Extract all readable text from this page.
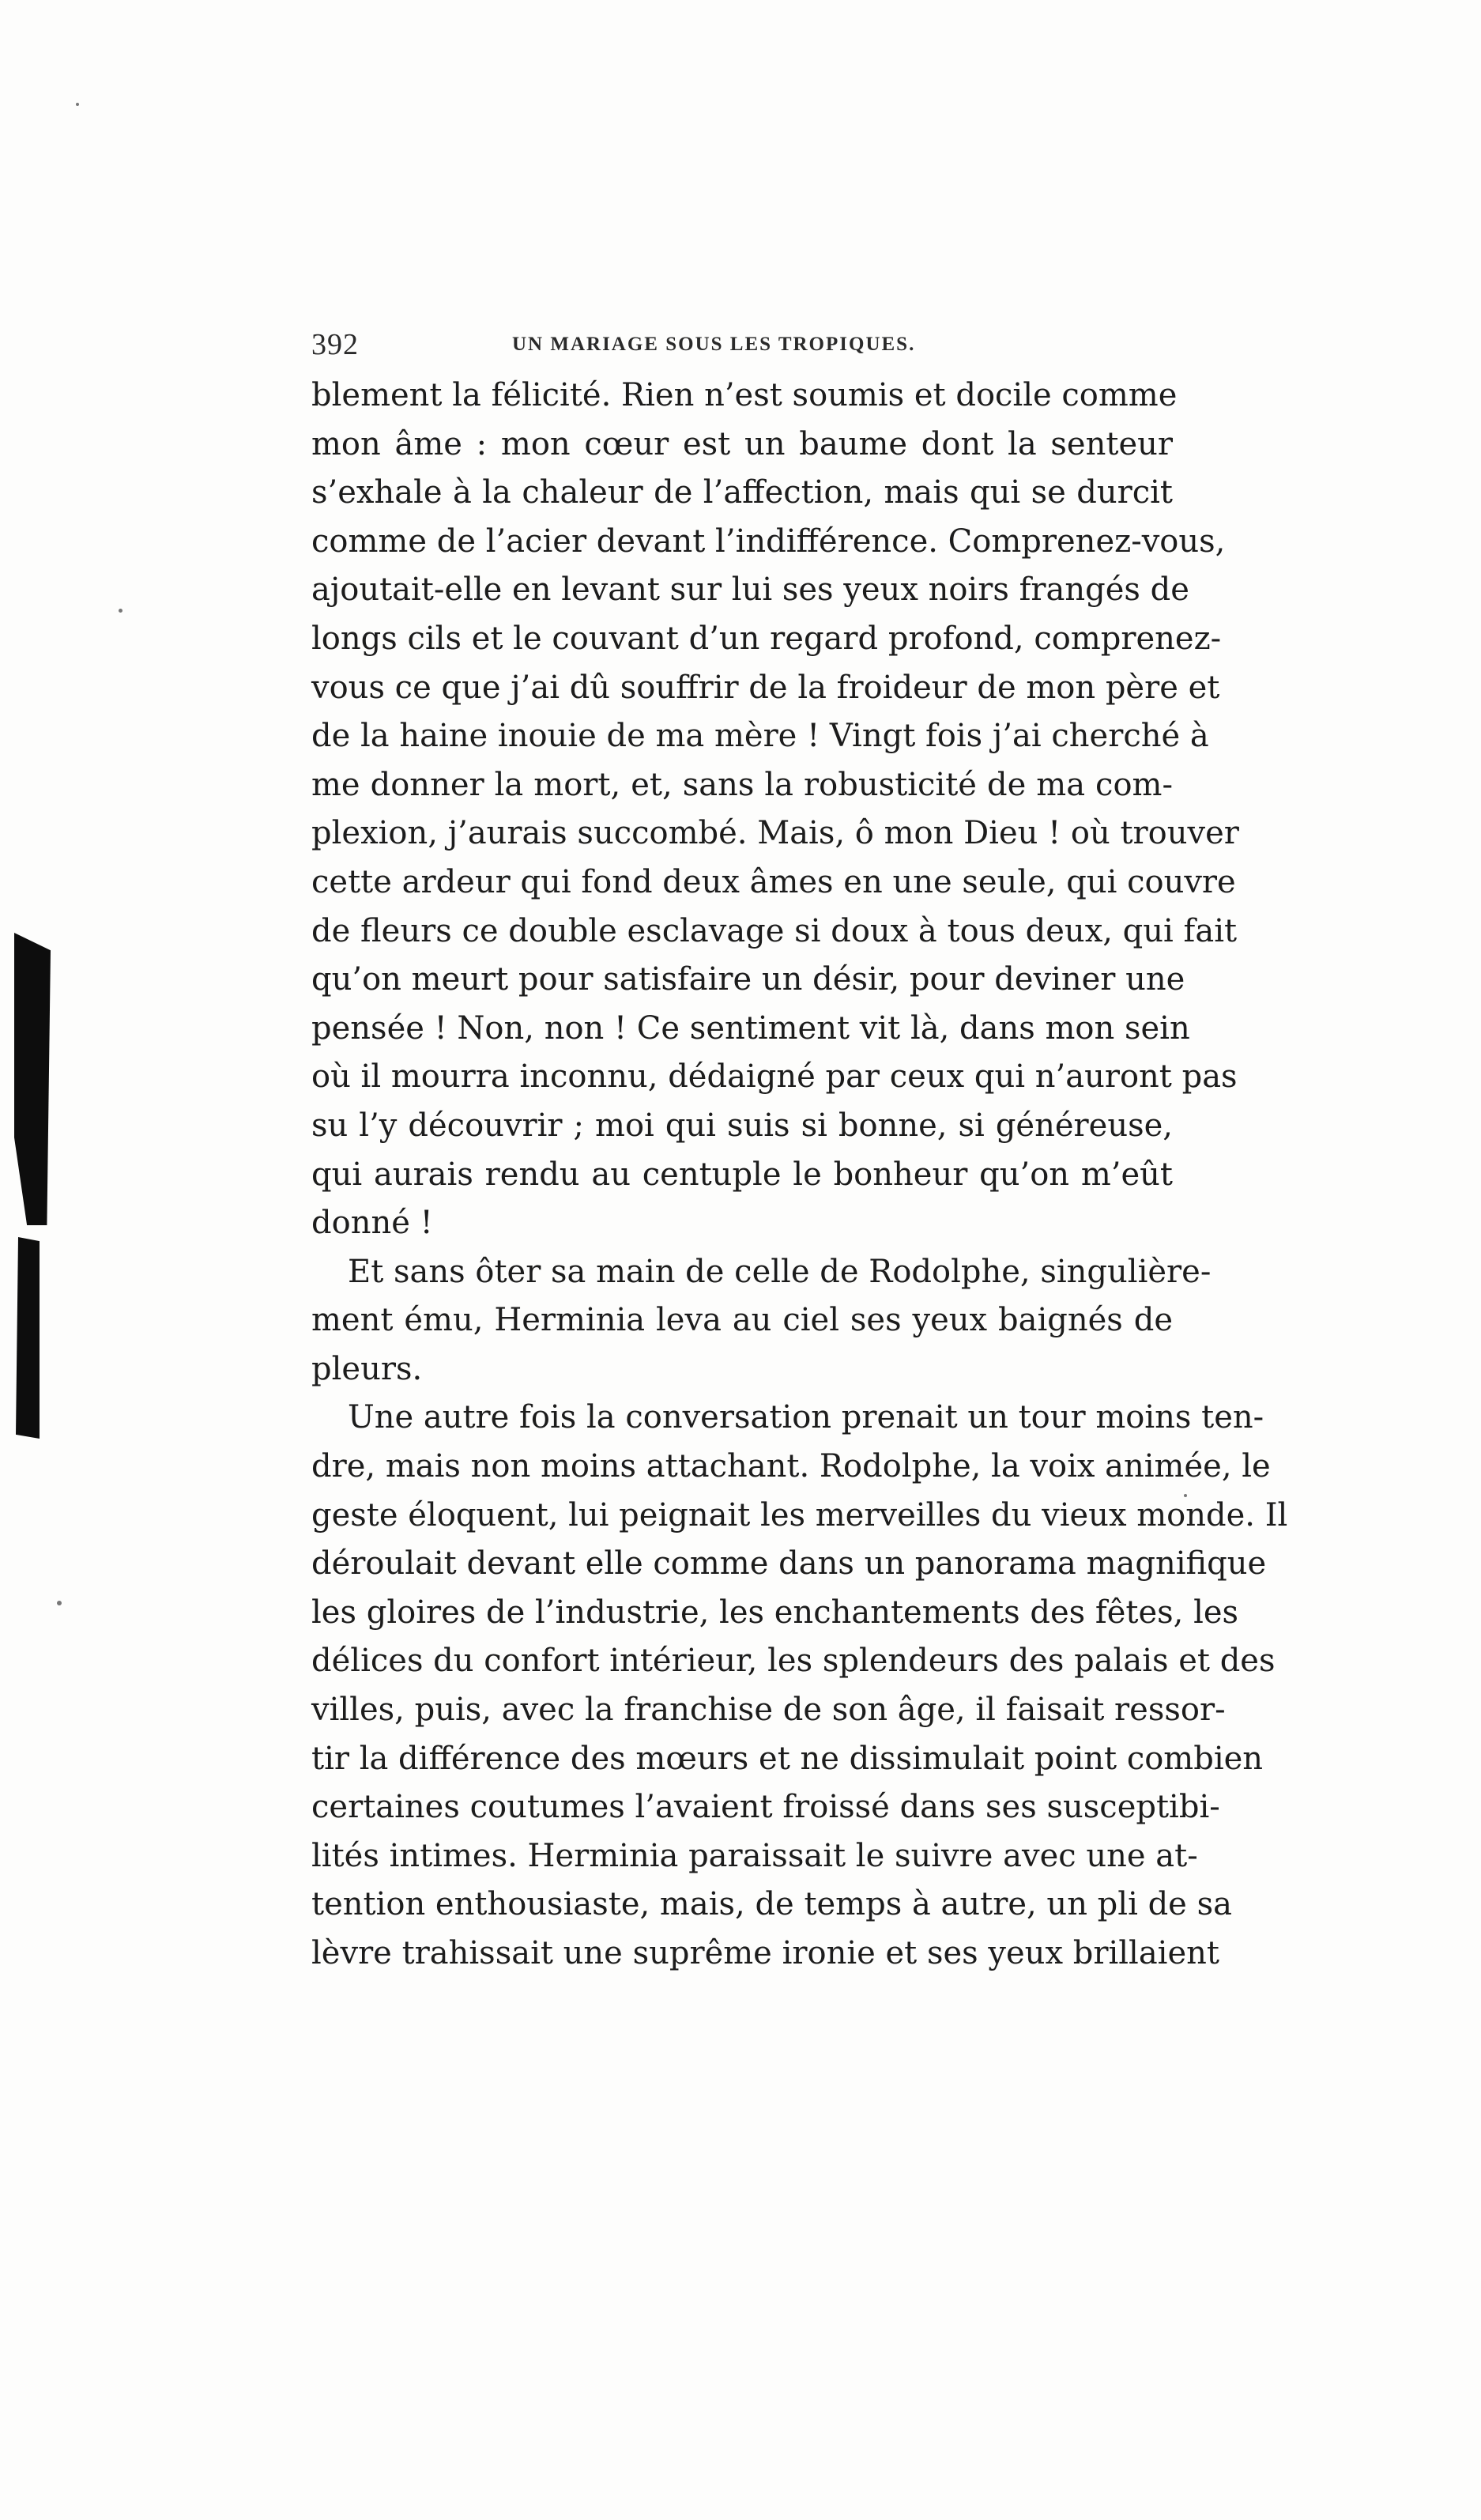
392	UN MARIAGE SOUS LES TROPIQUES.
blement la félicité. Rien n’est soumis et docile comme
mon âme : mon cœur est un baume dont la senteur
s’exhale à la chaleur de l’affection, mais qui se durcit
comme de l’acier devant l’indifférence. Comprenez-vous,
ajoutait-elle en levant sur lui ses yeux noirs frangés de
longs cils et le couvant d’un regard profond, comprenez-
vous ce que j’ai dû souffrir de la froideur de mon père et
de la haine inouie de ma mère ! Vingt fois j’ai cherché à
me donner la mort, et, sans la robusticité de ma com-
plexion, j’aurais succombé. Mais, ô mon Dieu ! où trouver
cette ardeur qui fond deux âmes en une seule, qui couvre
de fleurs ce double esclavage si doux à tous deux, qui fait
qu’on meurt pour satisfaire un désir, pour deviner une
pensée ! Non, non ! Ce sentiment vit là, dans mon sein
où il mourra inconnu, dédaigné par ceux qui n’auront pas
su l’y découvrir ; moi qui suis si bonne, si généreuse,
qui aurais rendu au centuple le bonheur qu’on m’eût
donné !
Et sans ôter sa main de celle de Rodolphe, singulière-
ment ému, Herminia leva au ciel ses yeux baignés de
pleurs.
Une autre fois la conversation prenait un tour moins ten-
dre, mais non moins attachant. Rodolphe, la voix animée, le
geste éloquent, lui peignait les merveilles du vieux monde. Il
déroulait devant elle comme dans un panorama magnifique
les gloires de l’industrie, les enchantements des fêtes, les
délices du confort intérieur, les splendeurs des palais et des
villes, puis, avec la franchise de son âge, il faisait ressor-
tir la différence des mœurs et ne dissimulait point combien
certaines coutumes l’avaient froissé dans ses susceptibi-
lités intimes. Herminia paraissait le suivre avec une at-
tention enthousiaste, mais, de temps à autre, un pli de sa
lèvre trahissait une suprême ironie et ses yeux brillaient
